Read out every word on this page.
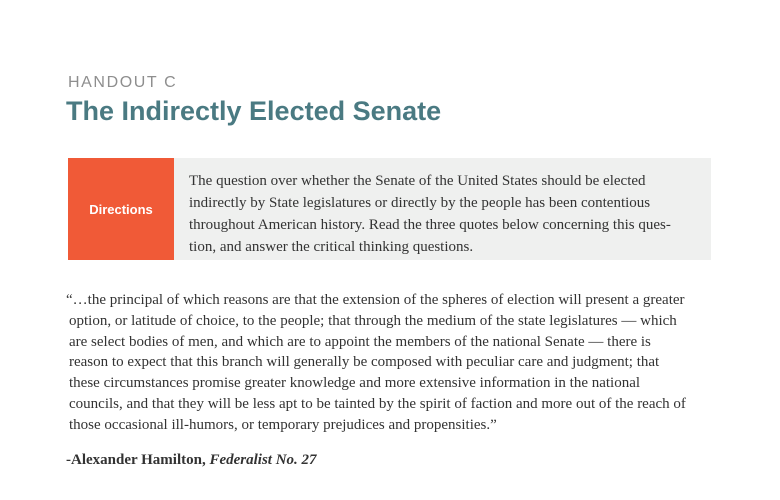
HANDOUT C
The Indirectly Elected Senate
Directions
The question over whether the Senate of the United States should be elected
indirectly by State legislatures or directly by the people has been contentious
throughout American history. Read the three quotes below concerning this ques-
tion, and answer the critical thinking questions.

“…the principal of which reasons are that the extension of the spheres of election will present a greater
option, or latitude of choice, to the people; that through the medium of the state legislatures — which
are select bodies of men, and which are to appoint the members of the national Senate — there is
reason to expect that this branch will generally be composed with peculiar care and judgment; that
these circumstances promise greater knowledge and more extensive information in the national
councils, and that they will be less apt to be tainted by the spirit of faction and more out of the reach of
those occasional ill-humors, or temporary prejudices and propensities.”

-Alexander Hamilton, Federalist No. 27
